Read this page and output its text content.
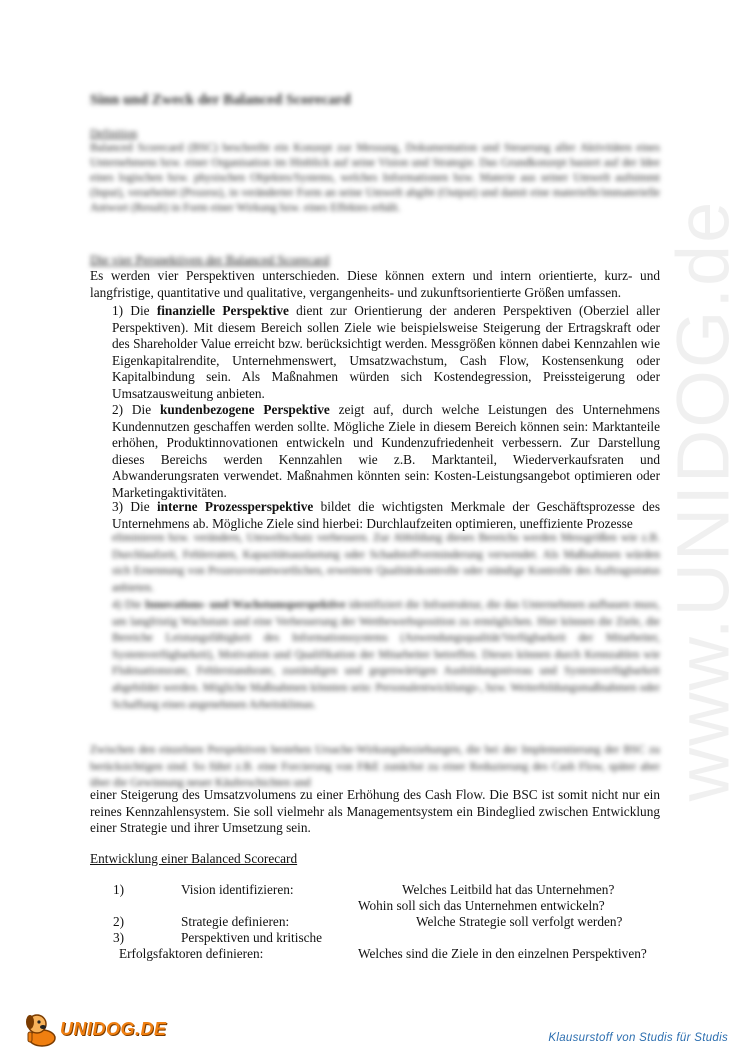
www.UNIDOG.de
Sinn und Zweck der Balanced Scorecard
Definition
Balanced Scorecard (BSC) beschreibt ein Konzept zur Messung, Dokumentation und Steuerung aller Aktivitäten eines Unternehmens bzw. einer Organisation im Hinblick auf seine Vision und Strategie. Das Grundkonzept basiert auf der Idee eines logischen bzw. physischen Objektes/Systems, welches Informationen bzw. Materie aus seiner Umwelt aufnimmt (Input), verarbeitet (Prozess), in veränderter Form an seine Umwelt abgibt (Output) und damit eine materielle/immaterielle Antwort (Result) in Form einer Wirkung bzw. eines Effektes erhält.
Die vier Perspektiven der Balanced Scorecard
Es werden vier Perspektiven unterschieden. Diese können extern und intern orientierte, kurz- und langfristige, quantitative und qualitative, vergangenheits- und zukunftsorientierte Größen umfassen.
1) Die finanzielle Perspektive dient zur Orientierung der anderen Perspektiven (Oberziel aller Perspektiven). Mit diesem Bereich sollen Ziele wie beispielsweise Steigerung der Ertragskraft oder des Shareholder Value erreicht bzw. berücksichtigt werden. Messgrößen können dabei Kennzahlen wie Eigenkapitalrendite, Unternehmenswert, Umsatzwachstum, Cash Flow, Kostensenkung oder Kapitalbindung sein. Als Maßnahmen würden sich Kostendegression, Preissteigerung oder Umsatzausweitung anbieten.
2) Die kundenbezogene Perspektive zeigt auf, durch welche Leistungen des Unternehmens Kundennutzen geschaffen werden sollte. Mögliche Ziele in diesem Bereich können sein: Marktanteile erhöhen, Produktinnovationen entwickeln und Kundenzufriedenheit verbessern. Zur Darstellung dieses Bereichs werden Kennzahlen wie z.B. Marktanteil, Wiederverkaufsraten und Abwanderungsraten verwendet. Maßnahmen könnten sein: Kosten-Leistungsangebot optimieren oder Marketingaktivitäten.
3) Die interne Prozessperspektive bildet die wichtigsten Merkmale der Geschäftsprozesse des Unternehmens ab. Mögliche Ziele sind hierbei: Durchlaufzeiten optimieren, uneffiziente Prozesse
eliminieren bzw. verändern, Umweltschutz verbessern. Zur Abbildung dieses Bereichs werden Messgrößen wie z.B. Durchlaufzeit, Fehlerraten, Kapazitätsauslastung oder Schadstoffverminderung verwendet. Als Maßnahmen würden sich Ernennung von Prozessverantwortlichen, erweiterte Qualitätskontrolle oder ständige Kontrolle des Auftragsstatus anbieten.
4) Die Innovations- und Wachstumsperspektive identifiziert die Infrastruktur, die das Unternehmen aufbauen muss, um langfristig Wachstum und eine Verbesserung der Wettbewerbsposition zu ermöglichen. Hier können die Ziele, die Bereiche Leistungsfähigkeit des Informationssystems (Anwendungsqualität/Verfügbarkeit der Mitarbeiter, Systemverfügbarkeit), Motivation und Qualifikation der Mitarbeiter betreffen. Dieses können durch Kennzahlen wie Fluktuationsrate, Fehlerstandsrate, zuständigen und gegenwärtigen Ausbildungsniveau und Systemverfügbarkeit abgebildet werden. Mögliche Maßnahmen könnten sein: Personalentwicklungs-, bzw. Weiterbildungsmaßnahmen oder Schaffung eines angenehmen Arbeitsklimas.
Zwischen den einzelnen Perspektiven bestehen Ursache-Wirkungsbeziehungen, die bei der Implementierung der BSC zu berücksichtigen sind. So führt z.B. eine Forcierung von F&E zunächst zu einer Reduzierung des Cash Flow, später aber über die Gewinnung neuer Käuferschichten und
einer Steigerung des Umsatzvolumens zu einer Erhöhung des Cash Flow. Die BSC ist somit nicht nur ein reines Kennzahlensystem. Sie soll vielmehr als Managementsystem ein Bindeglied zwischen Entwicklung einer Strategie und ihrer Umsetzung sein.
Entwicklung einer Balanced Scorecard
1)	Vision identifizieren:	Welches Leitbild hat das Unternehmen?
Wohin soll sich das Unternehmen entwickeln?
2)	Strategie definieren:	Welche Strategie soll verfolgt werden?
3)	Perspektiven und kritische
Erfolgsfaktoren definieren:	Welches sind die Ziele in den einzelnen Perspektiven?
UNIDOG.DE	Klausurstoff von Studis für Studis
